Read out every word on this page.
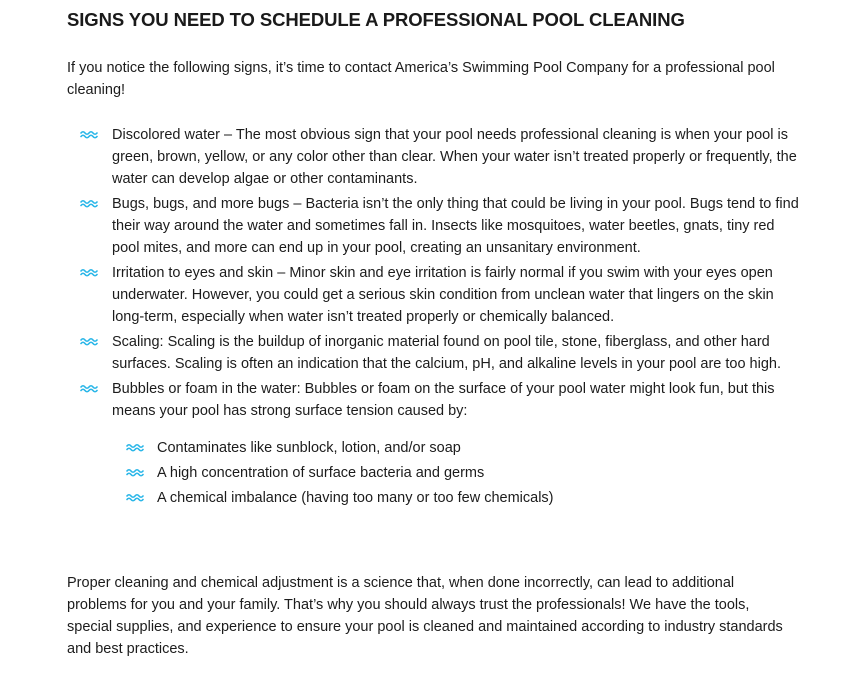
SIGNS YOU NEED TO SCHEDULE A PROFESSIONAL POOL CLEANING

If you notice the following signs, it’s time to contact America’s Swimming Pool Company for a professional pool cleaning!

Discolored water – The most obvious sign that your pool needs professional cleaning is when your pool is green, brown, yellow, or any color other than clear. When your water isn’t treated properly or frequently, the water can develop algae or other contaminants.
Bugs, bugs, and more bugs – Bacteria isn’t the only thing that could be living in your pool. Bugs tend to find their way around the water and sometimes fall in. Insects like mosquitoes, water beetles, gnats, tiny red pool mites, and more can end up in your pool, creating an unsanitary environment.
Irritation to eyes and skin – Minor skin and eye irritation is fairly normal if you swim with your eyes open underwater. However, you could get a serious skin condition from unclean water that lingers on the skin long-term, especially when water isn’t treated properly or chemically balanced.
Scaling: Scaling is the buildup of inorganic material found on pool tile, stone, fiberglass, and other hard surfaces. Scaling is often an indication that the calcium, pH, and alkaline levels in your pool are too high.
Bubbles or foam in the water: Bubbles or foam on the surface of your pool water might look fun, but this means your pool has strong surface tension caused by:
Contaminates like sunblock, lotion, and/or soap
A high concentration of surface bacteria and germs
A chemical imbalance (having too many or too few chemicals)

Proper cleaning and chemical adjustment is a science that, when done incorrectly, can lead to additional problems for you and your family. That’s why you should always trust the professionals! We have the tools, special supplies, and experience to ensure your pool is cleaned and maintained according to industry standards and best practices.
